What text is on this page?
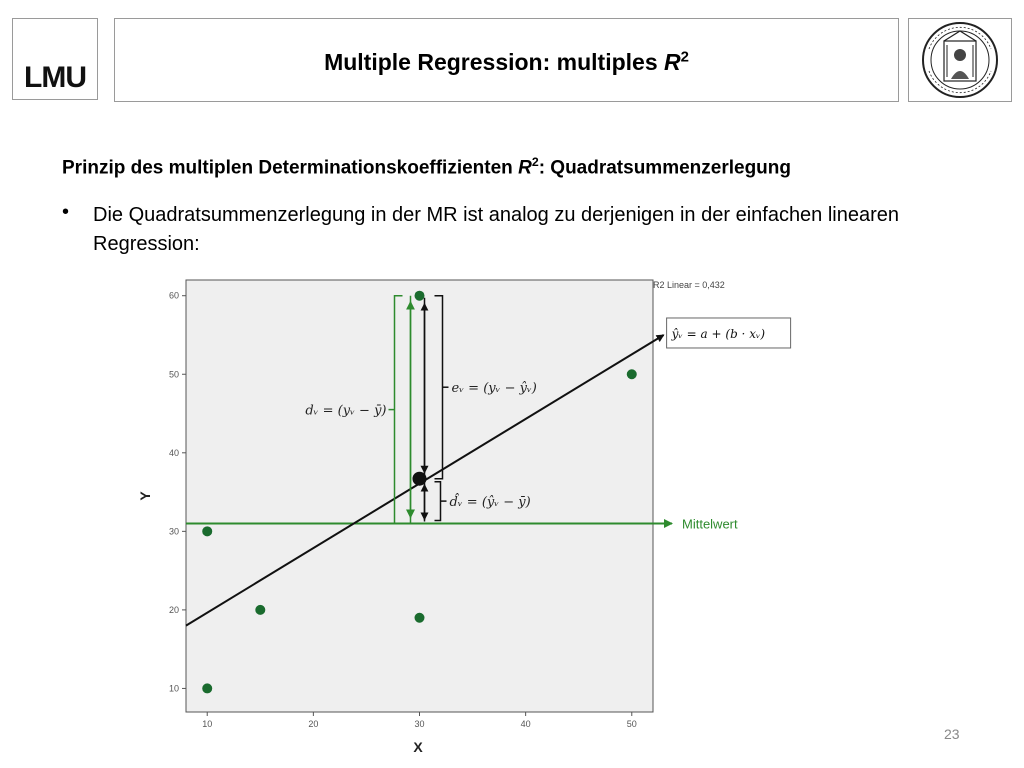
LMU	Multiple Regression: multiples $R^2$
Prinzip des multiplen Determinationskoeffizienten $R^2$: Quadratsummenzerlegung
• Die Quadratsummenzerlegung in der MR ist analog zu derjenigen in der einfachen linearen Regression:
10	20	30	40	50
10
20
30
40
50
60
X
Y
R2 Linear = 0,432
Mittelwert
ŷᵥ = a + (b · xᵥ)
dᵥ = (yᵥ − ȳ)
eᵥ = (yᵥ − ŷᵥ)
d̂ᵥ = (ŷᵥ − ȳ)
23
